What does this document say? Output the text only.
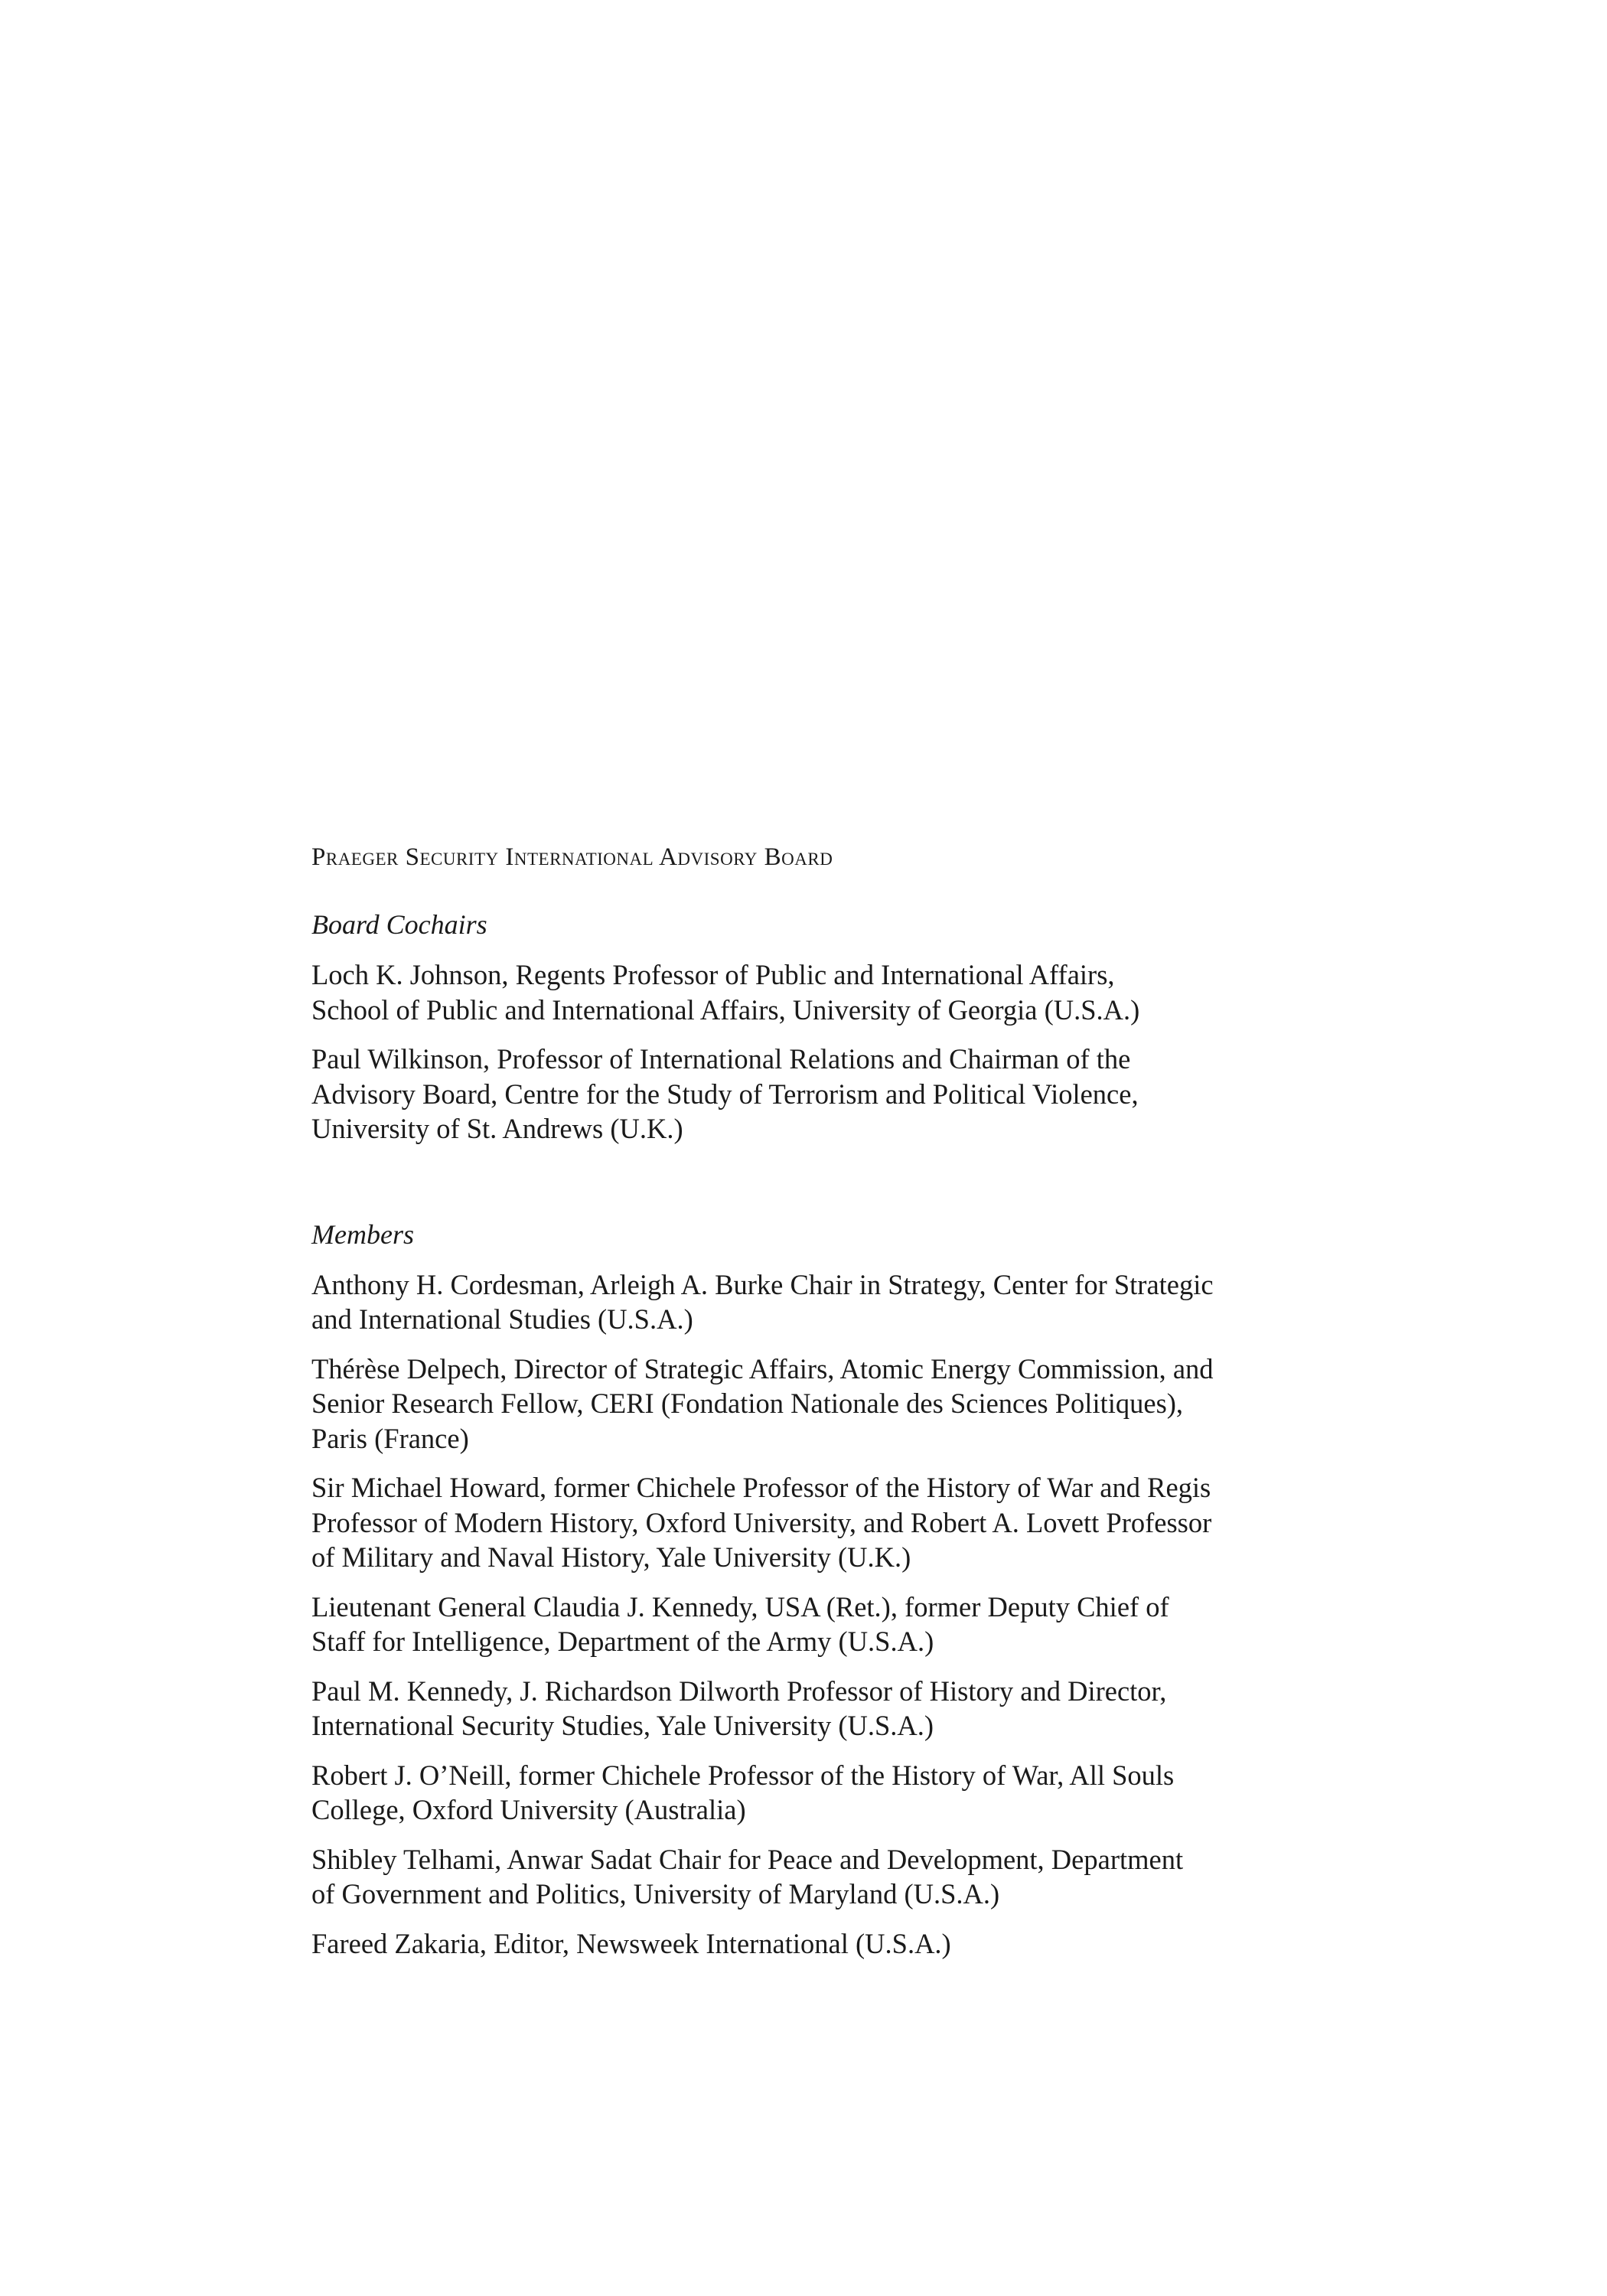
Praeger Security International Advisory Board
Board Cochairs
Loch K. Johnson, Regents Professor of Public and International Affairs,
School of Public and International Affairs, University of Georgia (U.S.A.)
Paul Wilkinson, Professor of International Relations and Chairman of the
Advisory Board, Centre for the Study of Terrorism and Political Violence,
University of St. Andrews (U.K.)
Members
Anthony H. Cordesman, Arleigh A. Burke Chair in Strategy, Center for Strategic
and International Studies (U.S.A.)
Thérèse Delpech, Director of Strategic Affairs, Atomic Energy Commission, and
Senior Research Fellow, CERI (Fondation Nationale des Sciences Politiques),
Paris (France)
Sir Michael Howard, former Chichele Professor of the History of War and Regis
Professor of Modern History, Oxford University, and Robert A. Lovett Professor
of Military and Naval History, Yale University (U.K.)
Lieutenant General Claudia J. Kennedy, USA (Ret.), former Deputy Chief of
Staff for Intelligence, Department of the Army (U.S.A.)
Paul M. Kennedy, J. Richardson Dilworth Professor of History and Director,
International Security Studies, Yale University (U.S.A.)
Robert J. O’Neill, former Chichele Professor of the History of War, All Souls
College, Oxford University (Australia)
Shibley Telhami, Anwar Sadat Chair for Peace and Development, Department
of Government and Politics, University of Maryland (U.S.A.)
Fareed Zakaria, Editor, Newsweek International (U.S.A.)
